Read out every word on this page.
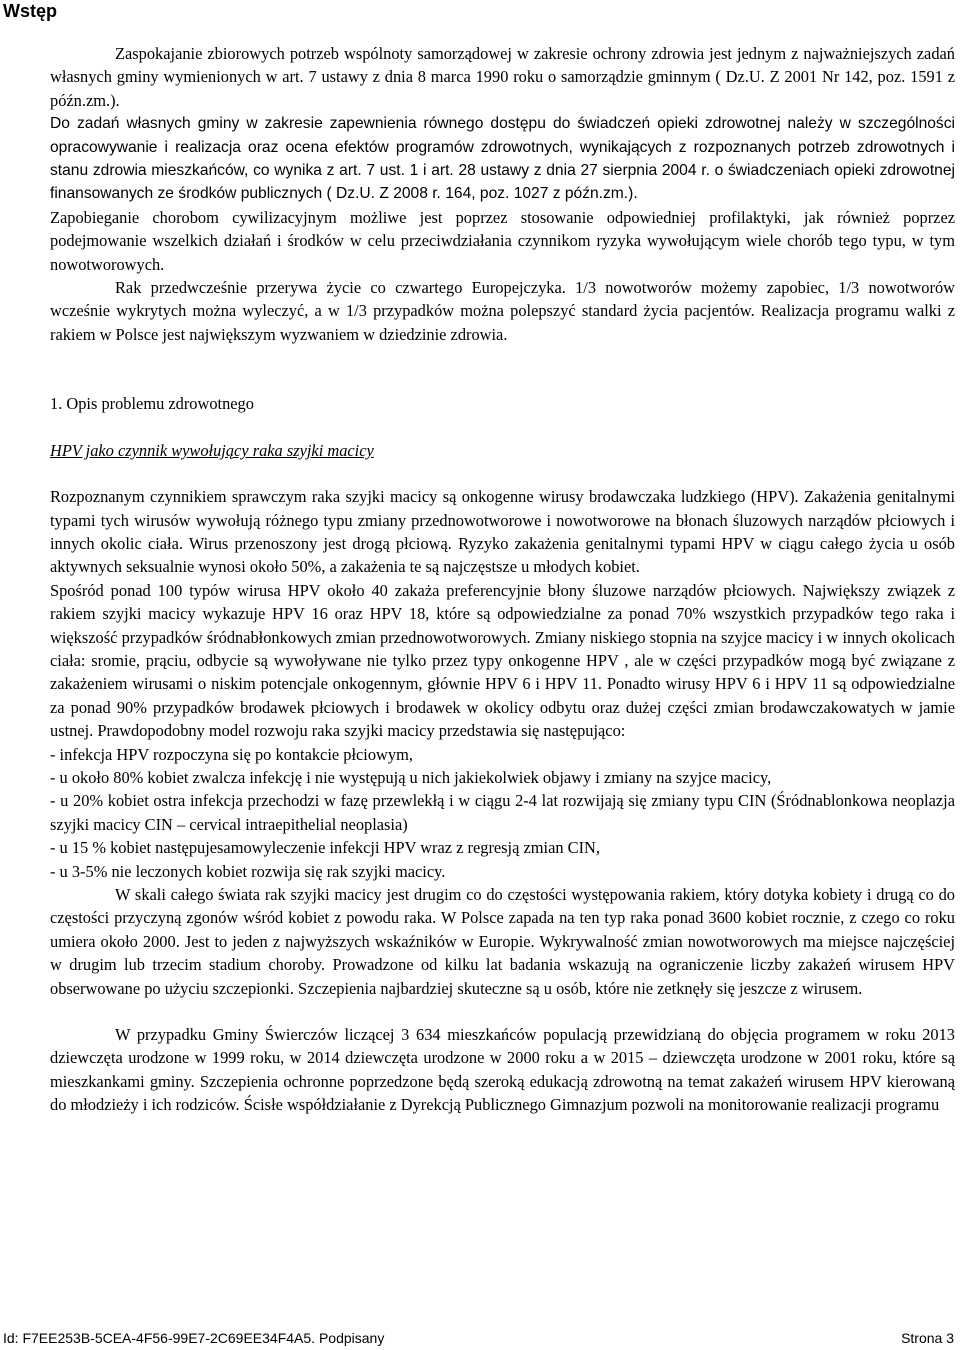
Wstęp

Zaspokajanie zbiorowych potrzeb wspólnoty samorządowej w zakresie ochrony zdrowia jest jednym z najważniejszych zadań własnych gminy wymienionych w art. 7 ustawy z dnia 8 marca 1990 roku o samorządzie gminnym ( Dz.U. Z 2001 Nr 142, poz. 1591 z późn.zm.).

Do zadań własnych gminy w zakresie zapewnienia równego dostępu do świadczeń opieki zdrowotnej należy w szczególności opracowywanie i realizacja oraz ocena efektów programów zdrowotnych, wynikających z rozpoznanych potrzeb zdrowotnych i stanu zdrowia mieszkańców, co wynika z art. 7 ust. 1 i art. 28 ustawy z dnia 27 sierpnia 2004 r. o świadczeniach opieki zdrowotnej finansowanych ze środków publicznych ( Dz.U. Z 2008 r. 164, poz. 1027 z późn.zm.).

Zapobieganie chorobom cywilizacyjnym możliwe jest poprzez stosowanie odpowiedniej profilaktyki, jak również poprzez podejmowanie wszelkich działań i środków w celu przeciwdziałania czynnikom ryzyka wywołującym wiele chorób tego typu, w tym nowotworowych.

Rak przedwcześnie przerywa życie co czwartego Europejczyka. 1/3 nowotworów możemy zapobiec, 1/3 nowotworów wcześnie wykrytych można wyleczyć, a w 1/3 przypadków można polepszyć standard życia pacjentów. Realizacja programu walki z rakiem w Polsce jest największym wyzwaniem w dziedzinie zdrowia.

1. Opis problemu zdrowotnego

HPV jako czynnik wywołujący raka szyjki macicy

Rozpoznanym czynnikiem sprawczym raka szyjki macicy są onkogenne wirusy brodawczaka ludzkiego (HPV). Zakażenia genitalnymi typami tych wirusów wywołują różnego typu zmiany przednowotworowe i nowotworowe na błonach śluzowych narządów płciowych i innych okolic ciała. Wirus przenoszony jest drogą płciową. Ryzyko zakażenia genitalnymi typami HPV w ciągu całego życia u osób aktywnych seksualnie wynosi około 50%, a zakażenia te są najczęstsze u młodych kobiet.

Spośród ponad 100 typów wirusa HPV około 40 zakaża preferencyjnie błony śluzowe narządów płciowych. Największy związek z rakiem szyjki macicy wykazuje HPV 16 oraz HPV 18, które są odpowiedzialne za ponad 70% wszystkich przypadków tego raka i większość przypadków śródnabłonkowych zmian przednowotworowych. Zmiany niskiego stopnia na szyjce macicy i w innych okolicach ciała: sromie, prąciu, odbycie są wywoływane nie tylko przez typy onkogenne HPV , ale w części przypadków mogą być związane z zakażeniem wirusami o niskim potencjale onkogennym, głównie HPV 6 i HPV 11. Ponadto wirusy HPV 6 i HPV 11 są odpowiedzialne za ponad 90% przypadków brodawek płciowych i brodawek w okolicy odbytu oraz dużej części zmian brodawczakowatych w jamie ustnej. Prawdopodobny model rozwoju raka szyjki macicy przedstawia się następująco:

- infekcja HPV rozpoczyna się po kontakcie płciowym,

- u około 80% kobiet zwalcza infekcję i nie występują u nich jakiekolwiek objawy i zmiany na szyjce macicy,

- u 20% kobiet ostra infekcja przechodzi w fazę przewlekłą i w ciągu 2-4 lat rozwijają się zmiany typu CIN (Śródnablonkowa neoplazja szyjki macicy CIN – cervical intraepithelial neoplasia)

- u 15 % kobiet następujesamowyleczenie infekcji HPV wraz z regresją zmian CIN,

- u 3-5% nie leczonych kobiet rozwija się rak szyjki macicy.

W skali całego świata rak szyjki macicy jest drugim co do częstości występowania rakiem, który dotyka kobiety i drugą co do częstości przyczyną zgonów wśród kobiet z powodu raka. W Polsce zapada na ten typ raka ponad 3600 kobiet rocznie, z czego co roku umiera około 2000. Jest to jeden z najwyższych wskaźników w Europie. Wykrywalność zmian nowotworowych ma miejsce najczęściej w drugim lub trzecim stadium choroby. Prowadzone od kilku lat badania wskazują na ograniczenie liczby zakażeń wirusem HPV obserwowane po użyciu szczepionki. Szczepienia najbardziej skuteczne są u osób, które nie zetknęły się jeszcze z wirusem.

W przypadku Gminy Świerczów liczącej 3 634 mieszkańców populacją przewidzianą do objęcia programem w roku 2013 dziewczęta urodzone w 1999 roku, w 2014 dziewczęta urodzone w 2000 roku a w 2015 – dziewczęta urodzone w 2001 roku, które są mieszkankami gminy. Szczepienia ochronne poprzedzone będą szeroką edukacją zdrowotną na temat zakażeń wirusem HPV kierowaną do młodzieży i ich rodziców. Ścisłe współdziałanie z Dyrekcją Publicznego Gimnazjum pozwoli na monitorowanie realizacji programu

Id: F7EE253B-5CEA-4F56-99E7-2C69EE34F4A5. Podpisany	Strona 3
